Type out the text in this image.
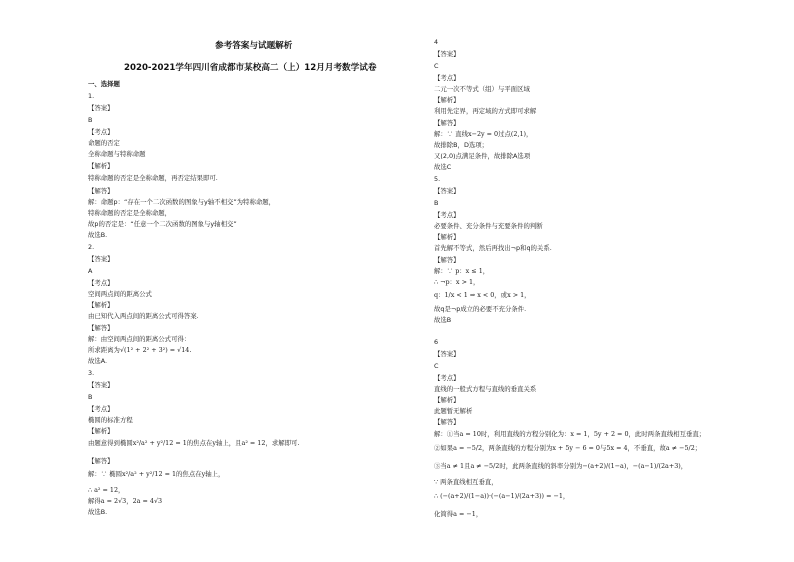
参考答案与试题解析
2020-2021学年四川省成都市某校高二（上）12月月考数学试卷
一、选择题
1.
【答案】
B
【考点】
命题的否定
全称命题与特称命题
【解析】
特称命题的否定是全称命题，再否定结果即可.
【解答】
解：命题p：“存在一个二次函数的图象与y轴不相交”为特称命题，
特称命题的否定是全称命题，
故p的否定是：“任意一个二次函数的图象与y轴相交”
故选B.
2.
【答案】
A
【考点】
空间两点间的距离公式
【解析】
由已知代入两点间的距离公式可得答案.
【解答】
解：由空间两点间的距离公式可得：
所求距离为√(1² + 2² + 3²) = √14.
故选A.
3.
【答案】
B
【考点】
椭圆的标准方程
【解析】
由题意得到椭圆x²/a² + y²/12 = 1的焦点在y轴上，且a² = 12，求解即可.
【解答】
解：∵ 椭圆x²/a² + y²/12 = 1的焦点在y轴上，
∴ a² = 12，
解得a = 2√3，2a = 4√3
故选B.
4
【答案】
C
【考点】
二元一次不等式（组）与平面区域
【解析】
利用先定界，再定域的方式即可求解
【解答】
解：∵ 直线x−2y = 0过点(2,1)，
故排除B，D选项；
又(2,0)点满足条件，故排除A选项
故选C
5.
【答案】
B
【考点】
必要条件、充分条件与充要条件的判断
【解析】
首先解不等式，然后再找出¬p和q的关系.
【解答】
解：∵ p：x ≤ 1，
∴ ¬p：x > 1，
q：1/x < 1 ⇒ x < 0，或x > 1，
故q是¬p成立的必要不充分条件.
故选B
6
【答案】
C
【考点】
直线的一般式方程与直线的垂直关系
【解析】
此题暂无解析
【解答】
解：①当a = 10时，利用直线的方程分别化为：x = 1，5y + 2 = 0，此时两条直线相互垂直；
②如果a = −5/2，两条直线的方程分别为x + 5y − 6 = 0与5x = 4，不垂直，故a ≠ −5/2；
③当a ≠ 1且a ≠ −5/2时，此两条直线的斜率分别为−(a+2)/(1−a)，−(a−1)/(2a+3)，
∵ 两条直线相互垂直，
∴ (−(a+2)/(1−a))·(−(a−1)/(2a+3)) = −1，
化简得a = −1，
